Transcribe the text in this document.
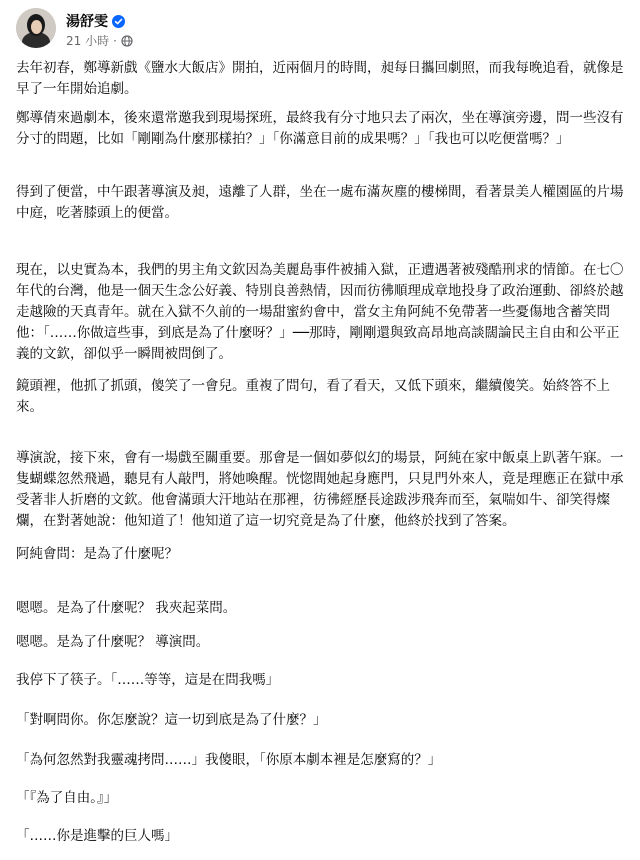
湯舒雯
21 小時 ·

去年初春，鄭導新戲《鹽水大飯店》開拍，近兩個月的時間，昶每日攜回劇照，而我每晚追看，就像是早了一年開始追劇。

鄭導倩來過劇本，後來還常邀我到現場探班，最終我有分寸地只去了兩次，坐在導演旁邊，問一些沒有分寸的問題，比如「剛剛為什麼那樣拍？」「你滿意目前的成果嗎？」「我也可以吃便當嗎？」

得到了便當，中午跟著導演及昶，遠離了人群，坐在一處布滿灰塵的樓梯間，看著景美人權園區的片場中庭，吃著膝頭上的便當。

現在，以史實為本，我們的男主角文欽因為美麗島事件被捕入獄，正遭遇著被殘酷刑求的情節。在七〇年代的台灣，他是一個天生念公好義、特別良善熱情，因而彷彿順理成章地投身了政治運動、卻終於越走越險的天真青年。就在入獄不久前的一場甜蜜約會中，當女主角阿純不免帶著一些憂傷地含蓄笑問他：「……你做這些事，到底是為了什麼呀？」──那時，剛剛還與致高昂地高談闊論民主自由和公平正義的文欽，卻似乎一瞬間被問倒了。

鏡頭裡，他抓了抓頭，傻笑了一會兒。重複了問句，看了看天，又低下頭來，繼續傻笑。始終答不上來。

導演說，接下來，會有一場戲至關重要。那會是一個如夢似幻的場景，阿純在家中飯桌上趴著午寐。一隻蝴蝶忽然飛過，聽見有人敲門，將她喚醒。恍惚間她起身應門，只見門外來人，竟是理應正在獄中承受著非人折磨的文欽。他會滿頭大汗地站在那裡，彷彿經歷長途跋涉飛奔而至，氣喘如牛、卻笑得燦爛，在對著她說：他知道了！他知道了這一切究竟是為了什麼，他終於找到了答案。

阿純會問：是為了什麼呢？

嗯嗯。是為了什麼呢？ 我夾起菜問。

嗯嗯。是為了什麼呢？ 導演問。

我停下了筷子。「……等等，這是在問我嗎」

「對啊問你。你怎麼說？這一切到底是為了什麼？」

「為何忽然對我靈魂拷問……」我傻眼，「你原本劇本裡是怎麼寫的？」

「『為了自由。』」

「……你是進擊的巨人嗎」
